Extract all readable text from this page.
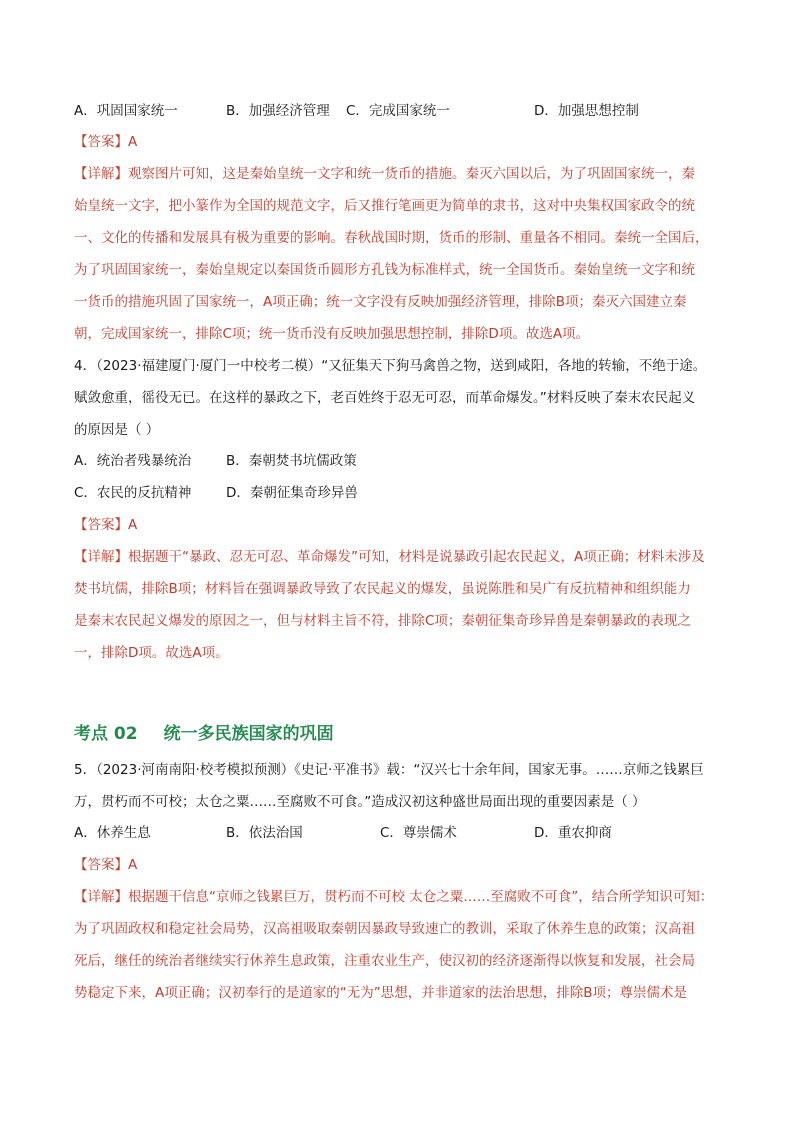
A．巩固国家统一	B．加强经济管理 C．完成国家统一	D．加强思想控制
【答案】A
【详解】观察图片可知，这是秦始皇统一文字和统一货币的措施。秦灭六国以后，为了巩固国家统一，秦
始皇统一文字，把小篆作为全国的规范文字，后又推行笔画更为简单的隶书，这对中央集权国家政令的统
一、文化的传播和发展具有极为重要的影响。春秋战国时期，货币的形制、重量各不相同。秦统一全国后，
为了巩固国家统一，秦始皇规定以秦国货币圆形方孔钱为标准样式，统一全国货币。秦始皇统一文字和统
一货币的措施巩固了国家统一，A项正确；统一文字没有反映加强经济管理，排除B项；秦灭六国建立秦
朝，完成国家统一，排除C项；统一货币没有反映加强思想控制，排除D项。故选A项。
4．（2023·福建厦门·厦门一中校考二模）“又征集天下狗马禽兽之物，送到咸阳，各地的转输，不绝于途。
赋敛愈重，徭役无已。在这样的暴政之下，老百姓终于忍无可忍，而革命爆发。”材料反映了秦末农民起义
的原因是（ ）
A．统治者残暴统治	B．秦朝焚书坑儒政策
C．农民的反抗精神	D．秦朝征集奇珍异兽
【答案】A
【详解】根据题干“暴政、忍无可忍、革命爆发”可知，材料是说暴政引起农民起义，A项正确；材料未涉及
焚书坑儒，排除B项；材料旨在强调暴政导致了农民起义的爆发，虽说陈胜和吴广有反抗精神和组织能力
是秦末农民起义爆发的原因之一，但与材料主旨不符，排除C项；秦朝征集奇珍异兽是秦朝暴政的表现之
一，排除D项。故选A项。
考点 02 统一多民族国家的巩固
5．（2023·河南南阳·校考模拟预测）《史记·平准书》载：“汉兴七十余年间，国家无事。……京师之钱累巨
万，贯朽而不可校；太仓之粟……至腐败不可食。”造成汉初这种盛世局面出现的重要因素是（ ）
A．休养生息	B．依法治国	C．尊崇儒术	D．重农抑商
【答案】A
【详解】根据题干信息“京师之钱累巨万，贯朽而不可校 太仓之粟……至腐败不可食”，结合所学知识可知：
为了巩固政权和稳定社会局势，汉高祖吸取秦朝因暴政导致速亡的教训，采取了休养生息的政策；汉高祖
死后，继任的统治者继续实行休养生息政策，注重农业生产，使汉初的经济逐渐得以恢复和发展，社会局
势稳定下来，A项正确；汉初奉行的是道家的“无为”思想，并非道家的法治思想，排除B项；尊崇儒术是
